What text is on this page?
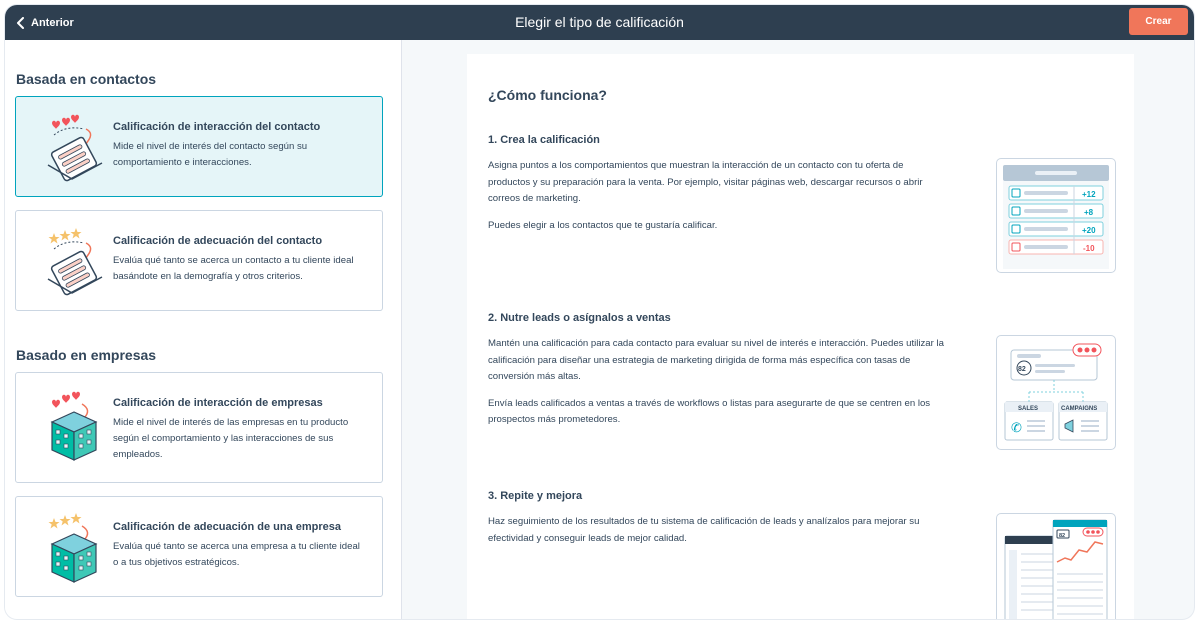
Anterior	Elegir el tipo de calificación	Crear
Basada en contactos
Calificación de interacción del contacto
Mide el nivel de interés del contacto según su comportamiento e interacciones.
Calificación de adecuación del contacto
Evalúa qué tanto se acerca un contacto a tu cliente ideal basándote en la demografía y otros criterios.
Basado en empresas
Calificación de interacción de empresas
Mide el nivel de interés de las empresas en tu producto según el comportamiento y las interacciones de sus empleados.
Calificación de adecuación de una empresa
Evalúa qué tanto se acerca una empresa a tu cliente ideal o a tus objetivos estratégicos.
¿Cómo funciona?
1. Crea la calificación

Asigna puntos a los comportamientos que muestran la interacción de un contacto con tu oferta de productos y su preparación para la venta. Por ejemplo, visitar páginas web, descargar recursos o abrir correos de marketing.

Puedes elegir a los contactos que te gustaría calificar.

+12
+8
+20
-10
2. Nutre leads o asígnalos a ventas

Mantén una calificación para cada contacto para evaluar su nivel de interés e interacción. Puedes utilizar la calificación para diseñar una estrategia de marketing dirigida de forma más específica con tasas de conversión más altas.

Envía leads calificados a ventas a través de workflows o listas para asegurarte de que se centren en los prospectos más prometedores.

82
SALES
✆
CAMPAIGNS
3. Repite y mejora

Haz seguimiento de los resultados de tu sistema de calificación de leads y analízalos para mejorar su efectividad y conseguir leads de mejor calidad.	82
